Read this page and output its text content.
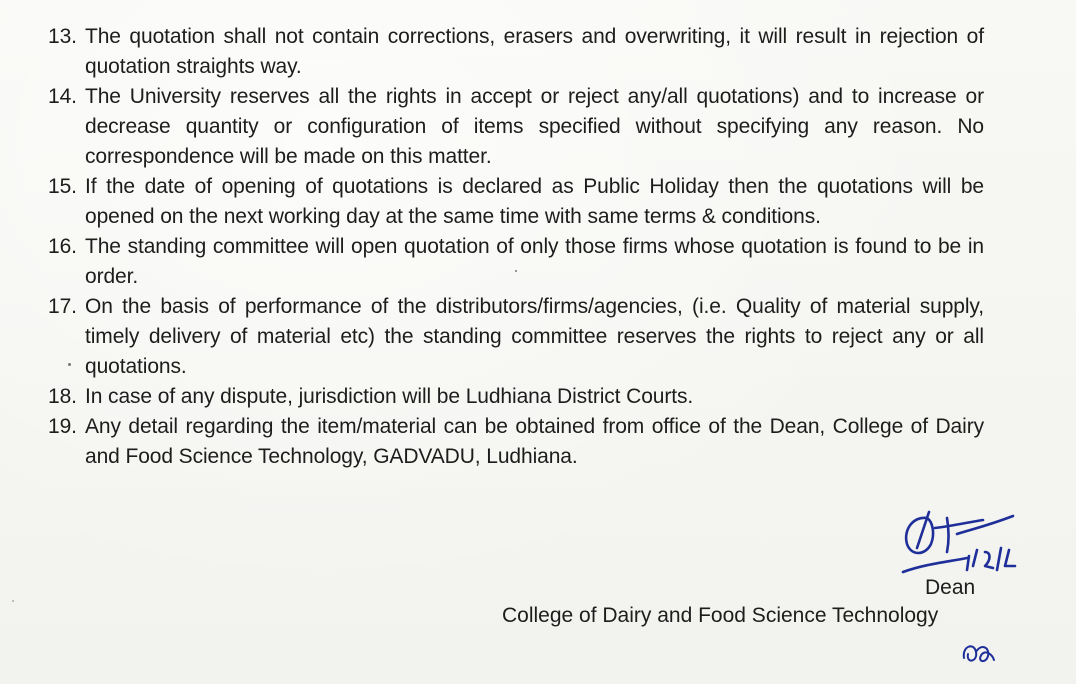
13. The quotation shall not contain corrections, erasers and overwriting, it will result in rejection of quotation straights way.
14. The University reserves all the rights in accept or reject any/all quotations) and to increase or decrease quantity or configuration of items specified without specifying any reason. No correspondence will be made on this matter.
15. If the date of opening of quotations is declared as Public Holiday then the quotations will be opened on the next working day at the same time with same terms & conditions.
16. The standing committee will open quotation of only those firms whose quotation is found to be in order.
17. On the basis of performance of the distributors/firms/agencies, (i.e. Quality of material supply, timely delivery of material etc) the standing committee reserves the rights to reject any or all quotations.
18. In case of any dispute, jurisdiction will be Ludhiana District Courts.
19. Any detail regarding the item/material can be obtained from office of the Dean, College of Dairy and Food Science Technology, GADVADU, Ludhiana.
4/7/24
Dean
College of Dairy and Food Science Technology
